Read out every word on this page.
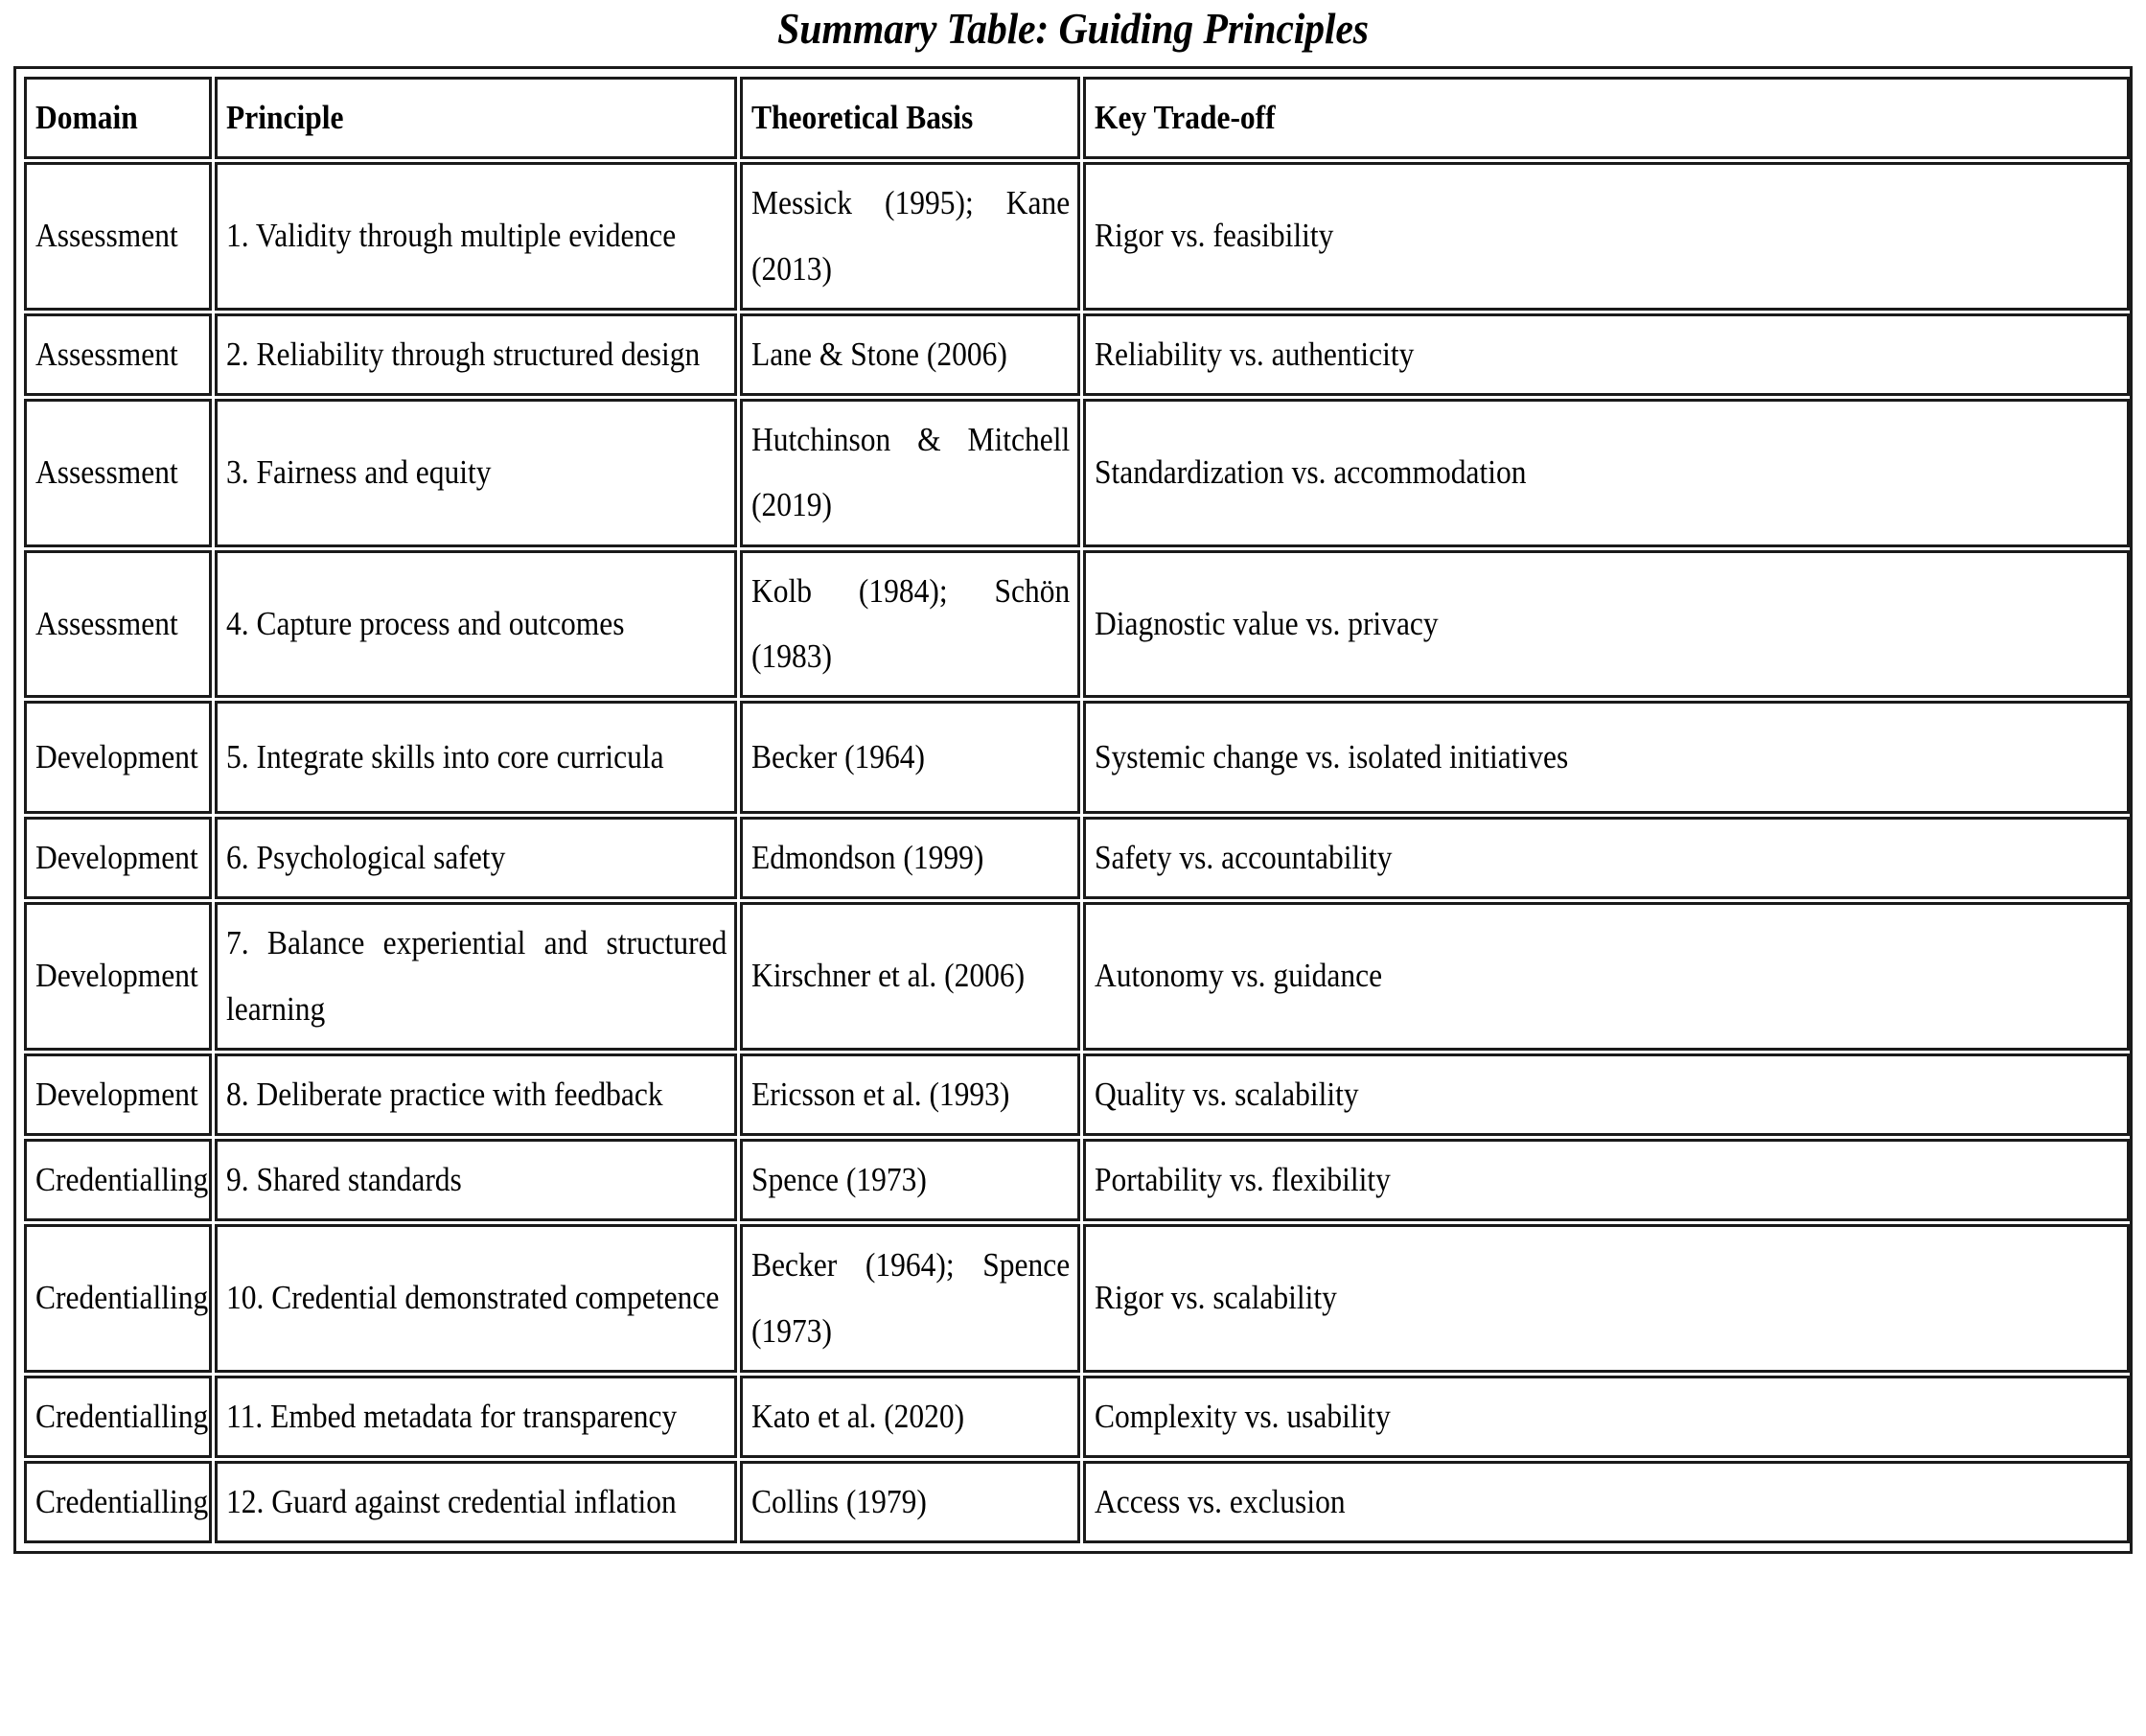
Summary Table: Guiding Principles
Domain	Principle	Theoretical Basis	Key Trade-off

Assessment	1. Validity through multiple evidence	Messick (1995); Kane (2013)	Rigor vs. feasibility

Assessment	2. Reliability through structured design	Lane & Stone (2006)	Reliability vs. authenticity

Assessment	3. Fairness and equity	Hutchinson & Mitchell (2019)	Standardization vs. accommodation

Assessment	4. Capture process and outcomes	Kolb (1984); Schön (1983)	Diagnostic value vs. privacy

Development	5. Integrate skills into core curricula	Becker (1964)	Systemic change vs. isolated initiatives

Development	6. Psychological safety	Edmondson (1999)	Safety vs. accountability

Development	7. Balance experiential and structured learning	Kirschner et al. (2006)	Autonomy vs. guidance

Development	8. Deliberate practice with feedback	Ericsson et al. (1993)	Quality vs. scalability

Credentialling	9. Shared standards	Spence (1973)	Portability vs. flexibility

Credentialling	10. Credential demonstrated competence	Becker (1964); Spence (1973)	Rigor vs. scalability

Credentialling	11. Embed metadata for transparency	Kato et al. (2020)	Complexity vs. usability

Credentialling	12. Guard against credential inflation	Collins (1979)	Access vs. exclusion
